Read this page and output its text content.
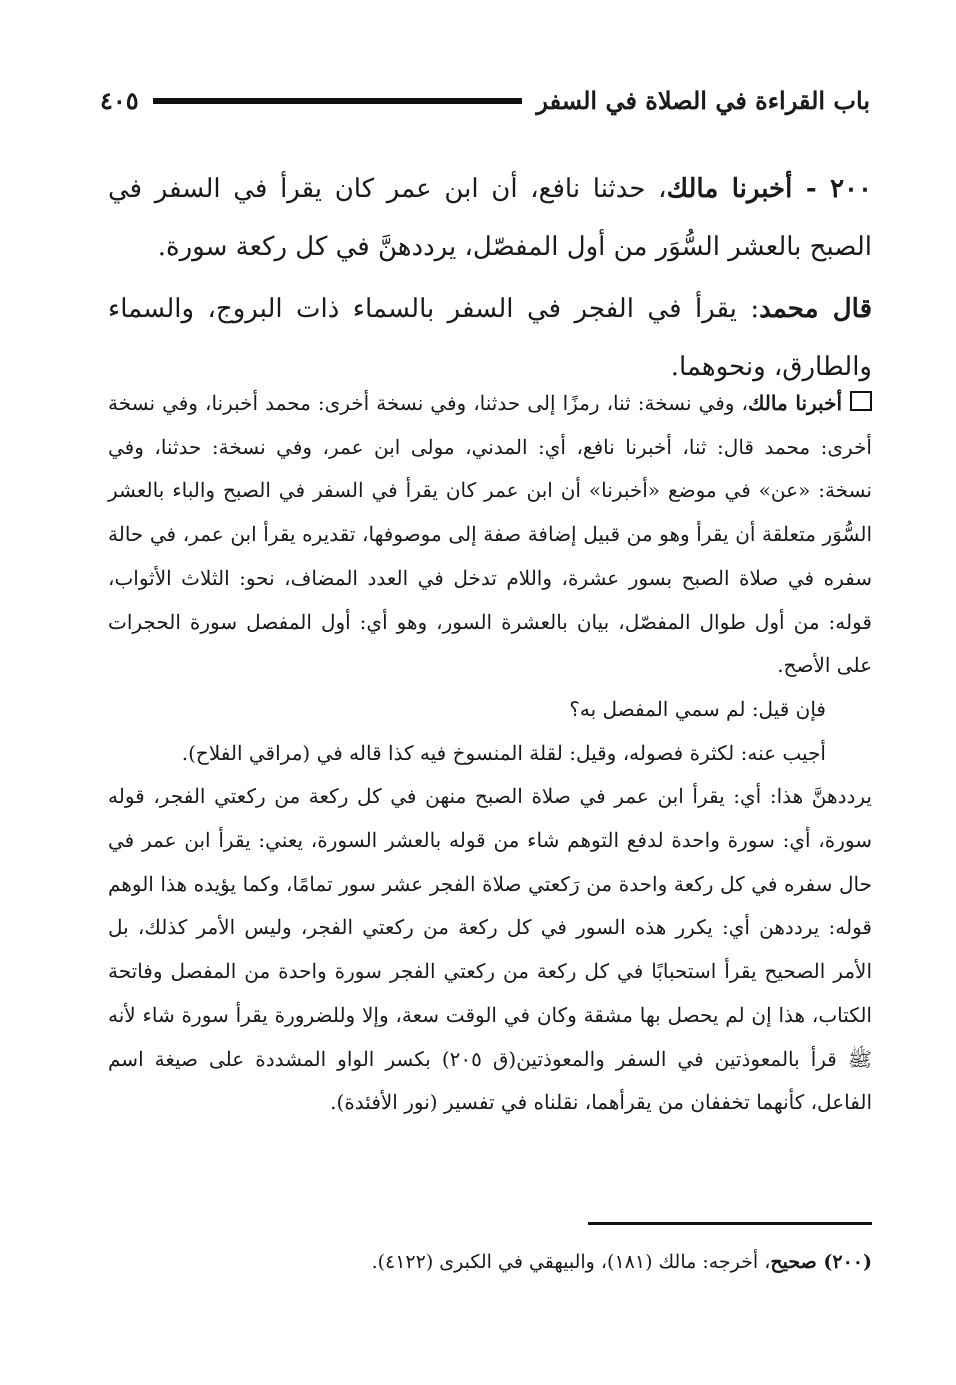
باب القراءة في الصلاة في السفر
٤٠٥

٢٠٠ - أخبرنا مالك، حدثنا نافع، أن ابن عمر كان يقرأ في السفر في الصبح بالعشر السُّوَر من أول المفصّل، يرددهنَّ في كل ركعة سورة.

قال محمد: يقرأ في الفجر في السفر بالسماء ذات البروج، والسماء والطارق، ونحوهما.

أخبرنا مالك، وفي نسخة: ثنا، رمزًا إلى حدثنا، وفي نسخة أخرى: محمد أخبرنا، وفي نسخة أخرى: محمد قال: ثنا، أخبرنا نافع، أي: المدني، مولى ابن عمر، وفي نسخة: حدثنا، وفي نسخة: «عن» في موضع «أخبرنا» أن ابن عمر كان يقرأ في السفر في الصبح والباء بالعشر السُّوَر متعلقة أن يقرأ وهو من قبيل إضافة صفة إلى موصوفها، تقديره يقرأ ابن عمر، في حالة سفره في صلاة الصبح بسور عشرة، واللام تدخل في العدد المضاف، نحو: الثلاث الأثواب، قوله: من أول طوال المفصّل، بيان بالعشرة السور، وهو أي: أول المفصل سورة الحجرات على الأصح.

فإن قيل: لم سمي المفصل به؟

أجيب عنه: لكثرة فصوله، وقيل: لقلة المنسوخ فيه كذا قاله في (مراقي الفلاح).

يرددهنَّ هذا: أي: يقرأ ابن عمر في صلاة الصبح منهن في كل ركعة من ركعتي الفجر، قوله سورة، أي: سورة واحدة لدفع التوهم شاء من قوله بالعشر السورة، يعني: يقرأ ابن عمر في حال سفره في كل ركعة واحدة من رَكعتي صلاة الفجر عشر سور تمامًا، وكما يؤيده هذا الوهم قوله: يرددهن أي: يكرر هذه السور في كل ركعة من ركعتي الفجر، وليس الأمر كذلك، بل الأمر الصحيح يقرأ استحبابًا في كل ركعة من ركعتي الفجر سورة واحدة من المفصل وفاتحة الكتاب، هذا إن لم يحصل بها مشقة وكان في الوقت سعة، وإلا وللضرورة يقرأ سورة شاء لأنه ﷺ قرأ بالمعوذتين في السفر والمعوذتين(ق ٢٠٥) بكسر الواو المشددة على صيغة اسم الفاعل، كأنهما تخففان من يقرأهما، نقلناه في تفسير (نور الأفئدة).

(٢٠٠) صحيح، أخرجه: مالك (١٨١)، والبيهقي في الكبرى (٤١٢٢).
